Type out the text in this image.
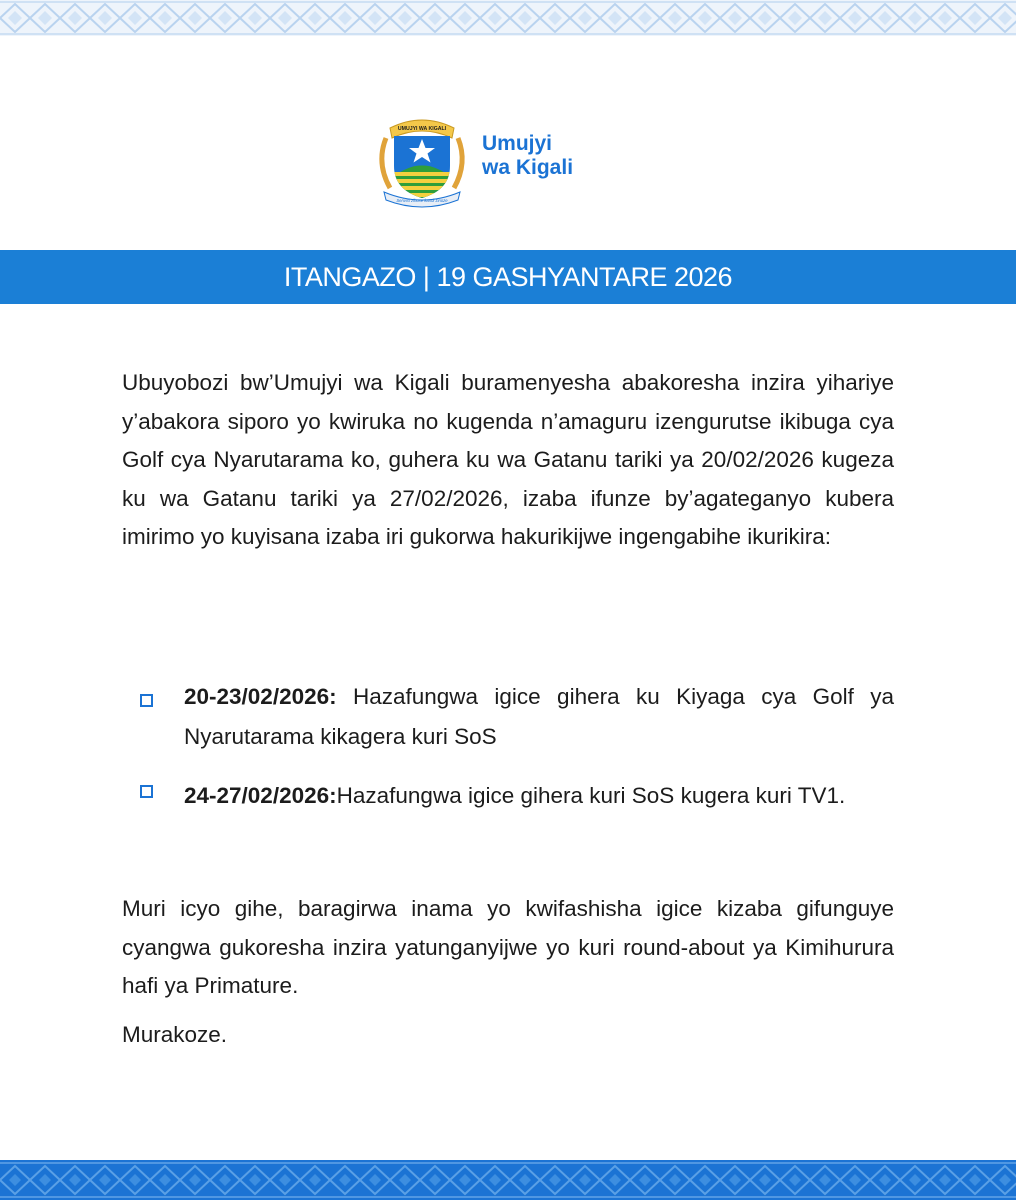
UMUJYI WA KIGALI
Serivisi zihuse kandi zinoze
Umujyi
wa Kigali
ITANGAZO | 19 GASHYANTARE 2026

Ubuyobozi bw’Umujyi wa Kigali buramenyesha abakoresha inzira yihariye y’abakora siporo yo kwiruka no kugenda n’amaguru izengurutse ikibuga cya Golf cya Nyarutarama ko, guhera ku wa Gatanu tariki ya 20/02/2026 kugeza ku wa Gatanu tariki ya 27/02/2026, izaba ifunze by’agateganyo kubera imirimo yo kuyisana izaba iri gukorwa hakurikijwe ingengabihe ikurikira:

20-23/02/2026: Hazafungwa igice gihera ku Kiyaga cya Golf ya Nyarutarama kikagera kuri SoS

24-27/02/2026:Hazafungwa igice gihera kuri SoS kugera kuri TV1.

Muri icyo gihe, baragirwa inama yo kwifashisha igice kizaba gifunguye cyangwa gukoresha inzira yatunganyijwe yo kuri round-about ya Kimihurura hafi ya Primature.

Murakoze.
